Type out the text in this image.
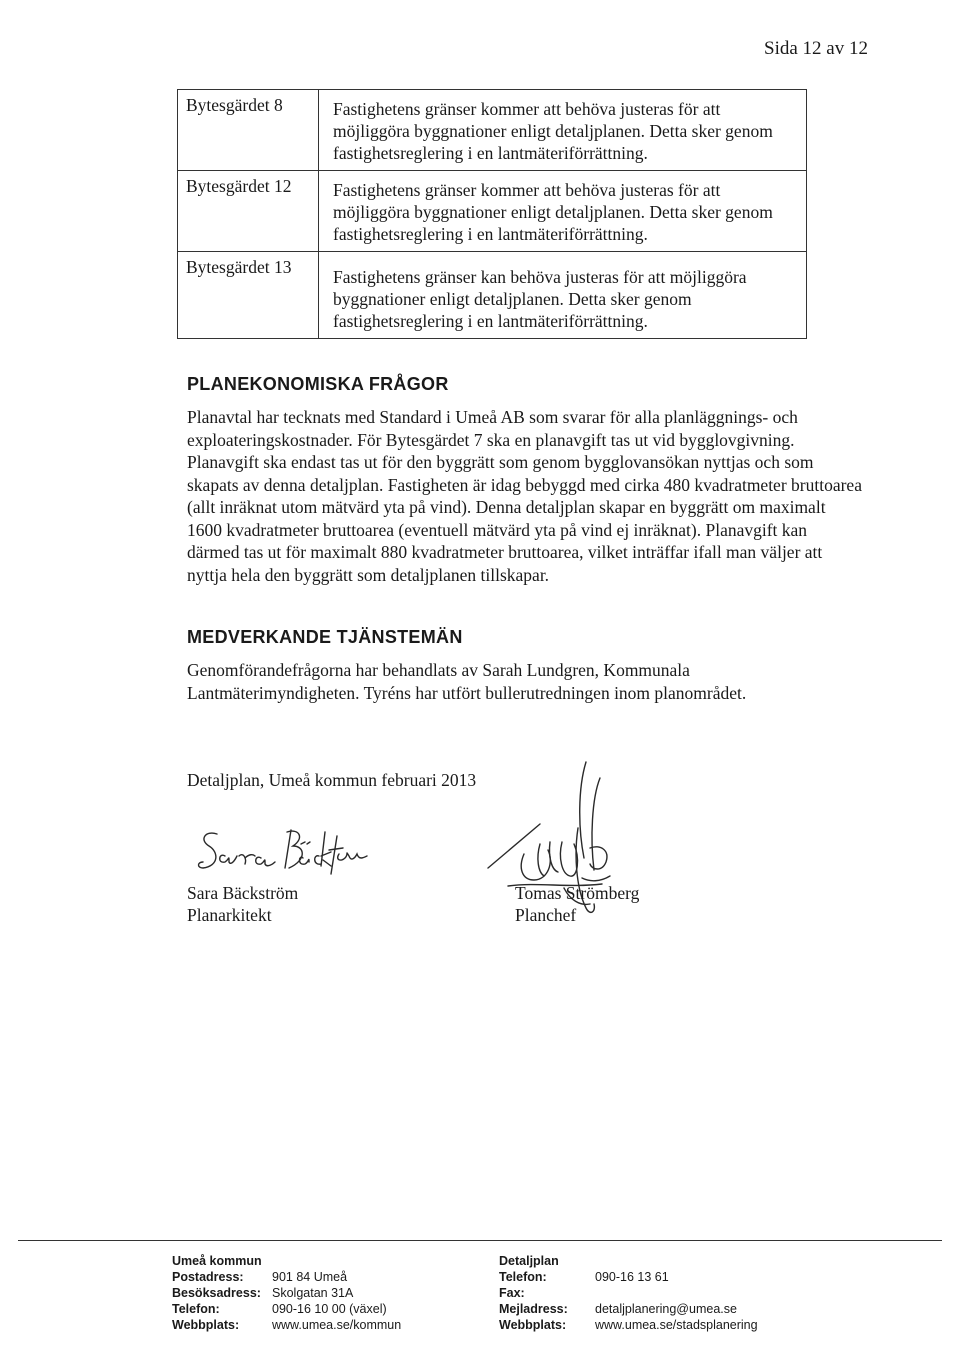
Sida 12 av 12
Bytesgärdet 8	Fastighetens gränser kommer att behöva justeras för att möjliggöra byggnationer enligt detaljplanen. Detta sker genom fastighetsreglering i en lantmäteriförrättning.

Bytesgärdet 12	Fastighetens gränser kommer att behöva justeras för att möjliggöra byggnationer enligt detaljplanen. Detta sker genom fastighetsreglering i en lantmäteriförrättning.

Bytesgärdet 13	Fastighetens gränser kan behöva justeras för att möjliggöra byggnationer enligt detaljplanen. Detta sker genom fastighetsreglering i en lantmäteriförrättning.
PLANEKONOMISKA FRÅGOR
Planavtal har tecknats med Standard i Umeå AB som svarar för alla planläggnings- och exploateringskostnader. För Bytesgärdet 7 ska en planavgift tas ut vid bygglovgivning. Planavgift ska endast tas ut för den byggrätt som genom bygglovansökan nyttjas och som skapats av denna detaljplan. Fastigheten är idag bebyggd med cirka 480 kvadratmeter bruttoarea (allt inräknat utom mätvärd yta på vind). Denna detaljplan skapar en byggrätt om maximalt 1600 kvadratmeter bruttoarea (eventuell mätvärd yta på vind ej inräknat). Planavgift kan därmed tas ut för maximalt 880 kvadratmeter bruttoarea, vilket inträffar ifall man väljer att nyttja hela den byggrätt som detaljplanen tillskapar.
MEDVERKANDE TJÄNSTEMÄN
Genomförandefrågorna har behandlats av Sarah Lundgren, Kommunala Lantmäterimyndigheten. Tyréns har utfört bullerutredningen inom planområdet.
Detaljplan, Umeå kommun februari 2013
Sara Bäckström
Planarkitekt
Tomas Strömberg
Planchef
Umeå kommun
Postadress:	901 84 Umeå
Besöksadress: Skolgatan 31A
Telefon:	090-16 10 00 (växel)
Webbplats:	www.umea.se/kommun
Detaljplan
Telefon:	090-16 13 61
Fax:
Mejladress:	detaljplanering@umea.se
Webbplats:	www.umea.se/stadsplanering
